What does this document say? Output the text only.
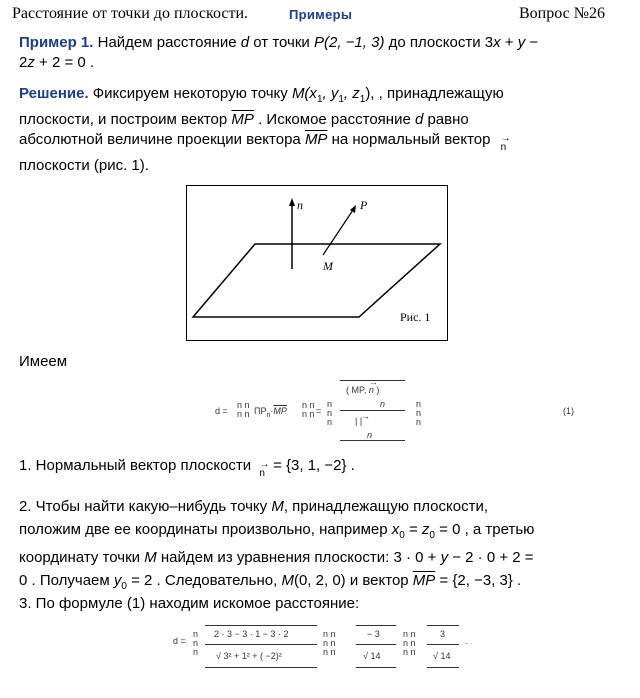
Расстояние от точки до плоскости.	Примеры	Вопрос №26
Пример 1. Найдем расстояние d от точки P(2, −1, 3) до плоскости 3x + y −
2z + 2 = 0 .
Решение. Фиксируем некоторую точку $M(x_1$, $y_1$, $z_1$), , принадлежащую
плоскости, и построим вектор $\overline{MP}$ . Искомое расстояние d равно
абсолютной величине проекции вектора $\overline{MP}$ на нормальный вектор →
n
плоскости (рис. 1).
n	P
M
Рис. 1
Имеем
d =
n n
n n $ПР_n\cdot\overline{MP}$
n n
n n =
n
n
n
( MP,
→
n )
n
| |
→
n
n
n
n
(1)
1. Нормальный вектор плоскости →
n = {3, 1, −2} .
2. Чтобы найти какую–нибудь точку M, принадлежащую плоскости,
положим две ее координаты произвольно, например $x_0 = z_0 = 0$ , а третью
координату точки M найдем из уравнения плоскости: 3 · 0 + y − 2 · 0 + 2 =
0 . Получаем $y_0 = 2$ . Следовательно, M(0, 2, 0) и вектор $\overline{MP} = \{2$, −3, 3} .
3. По формуле (1) находим искомое расстояние:
d =
n
n
n
2 · 3 − 3 · 1 − 3 · 2
√ 3² + 1² + ( −2)²
n n
n n
n n
− 3
√ 14
n n
n n
n n
3
√ 14
.
